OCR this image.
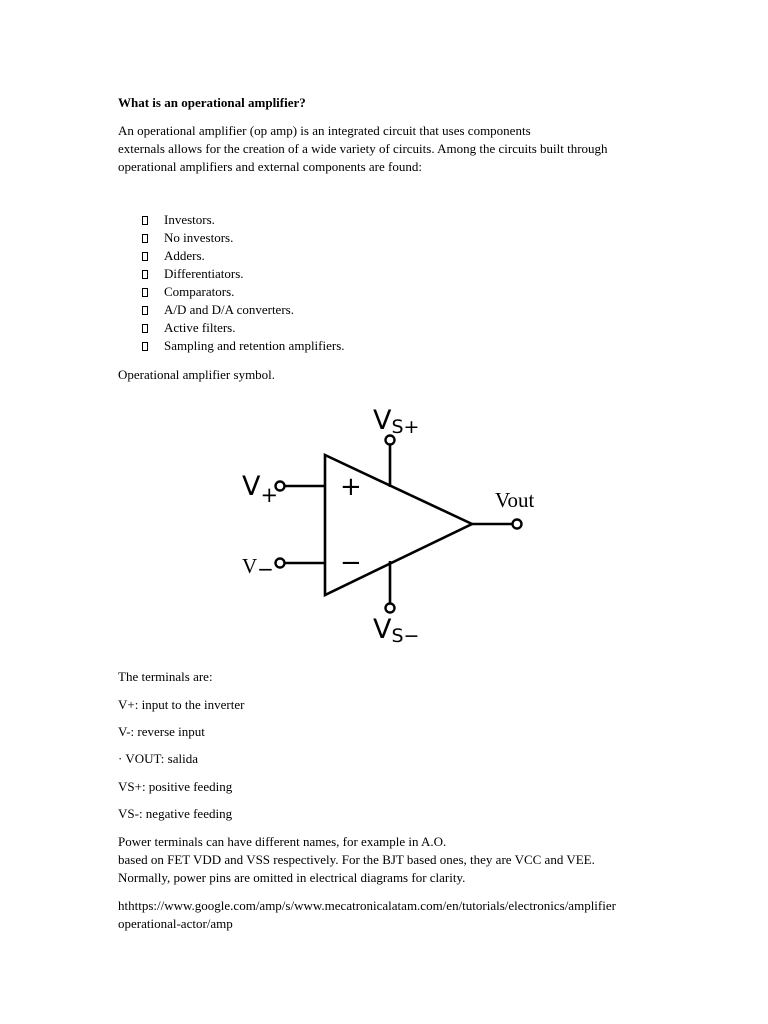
What is an operational amplifier?
An operational amplifier (op amp) is an integrated circuit that uses components
externals allows for the creation of a wide variety of circuits. Among the circuits built through
operational amplifiers and external components are found:
Investors.
No investors.
Adders.
Differentiators.
Comparators.
A/D and D/A converters.
Active filters.
Sampling and retention amplifiers.
Operational amplifier symbol.
VS+
$V_+$ +
V−	−
Vout
VS−
The terminals are:
V+: input to the inverter
V-: reverse input
· VOUT: salida
VS+: positive feeding
VS-: negative feeding
Power terminals can have different names, for example in A.O.
based on FET VDD and VSS respectively. For the BJT based ones, they are VCC and VEE.
Normally, power pins are omitted in electrical diagrams for clarity.
hthttps://www.google.com/amp/s/www.mecatronicalatam.com/en/tutorials/electronics/amplifier
operational-actor/amp
